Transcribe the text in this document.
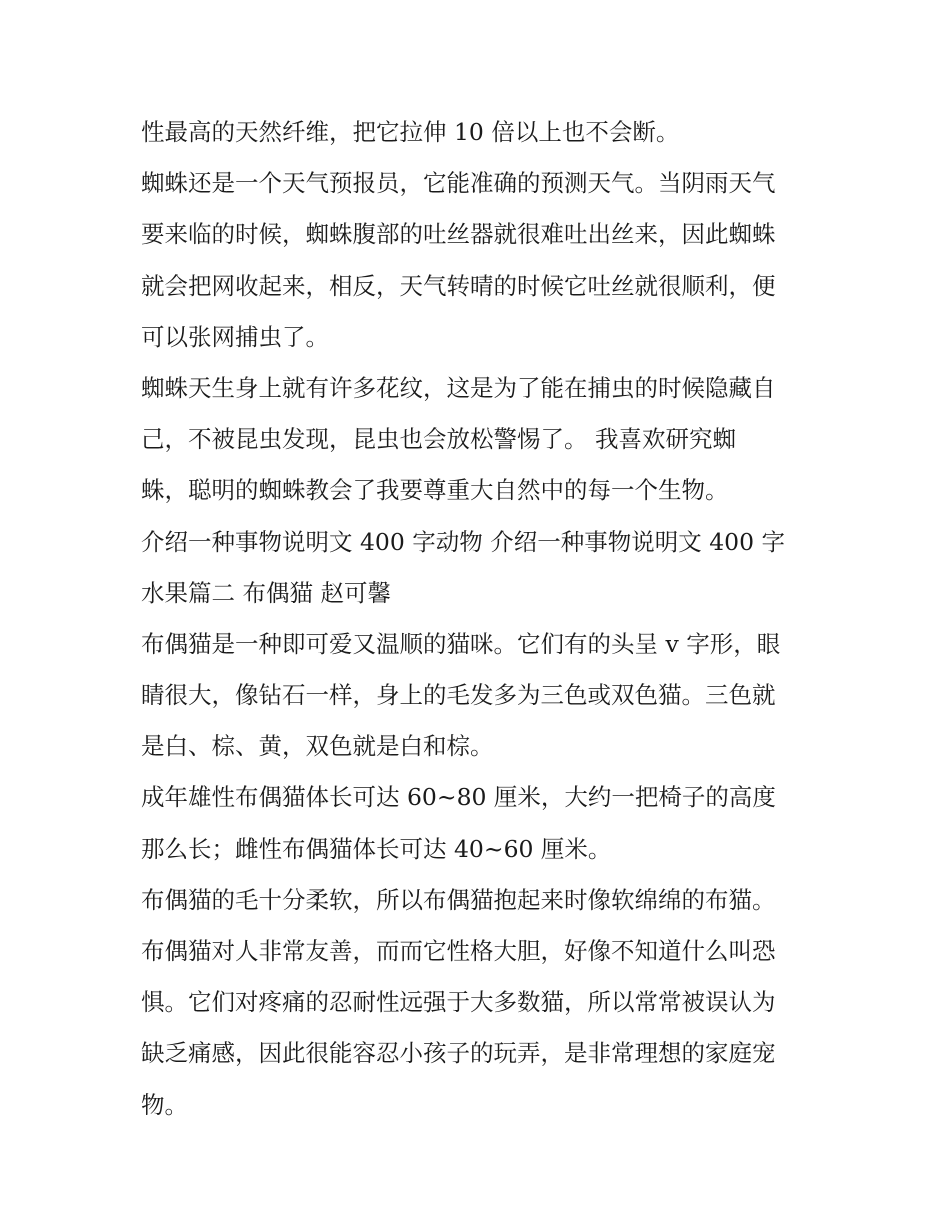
性最高的天然纤维，把它拉伸 10 倍以上也不会断。
蜘蛛还是一个天气预报员，它能准确的预测天气。当阴雨天气
要来临的时候，蜘蛛腹部的吐丝器就很难吐出丝来，因此蜘蛛
就会把网收起来，相反，天气转晴的时候它吐丝就很顺利，便
可以张网捕虫了。
蜘蛛天生身上就有许多花纹，这是为了能在捕虫的时候隐藏自
己，不被昆虫发现，昆虫也会放松警惕了。 我喜欢研究蜘
蛛，聪明的蜘蛛教会了我要尊重大自然中的每一个生物。
介绍一种事物说明文 400 字动物 介绍一种事物说明文 400 字
水果篇二 布偶猫 赵可馨
布偶猫是一种即可爱又温顺的猫咪。它们有的头呈 v 字形，眼
睛很大，像钻石一样，身上的毛发多为三色或双色猫。三色就
是白、棕、黄，双色就是白和棕。
成年雄性布偶猫体长可达 60~80 厘米，大约一把椅子的高度
那么长；雌性布偶猫体长可达 40~60 厘米。
布偶猫的毛十分柔软，所以布偶猫抱起来时像软绵绵的布猫。
布偶猫对人非常友善，而而它性格大胆，好像不知道什么叫恐
惧。它们对疼痛的忍耐性远强于大多数猫，所以常常被误认为
缺乏痛感，因此很能容忍小孩子的玩弄，是非常理想的家庭宠
物。
